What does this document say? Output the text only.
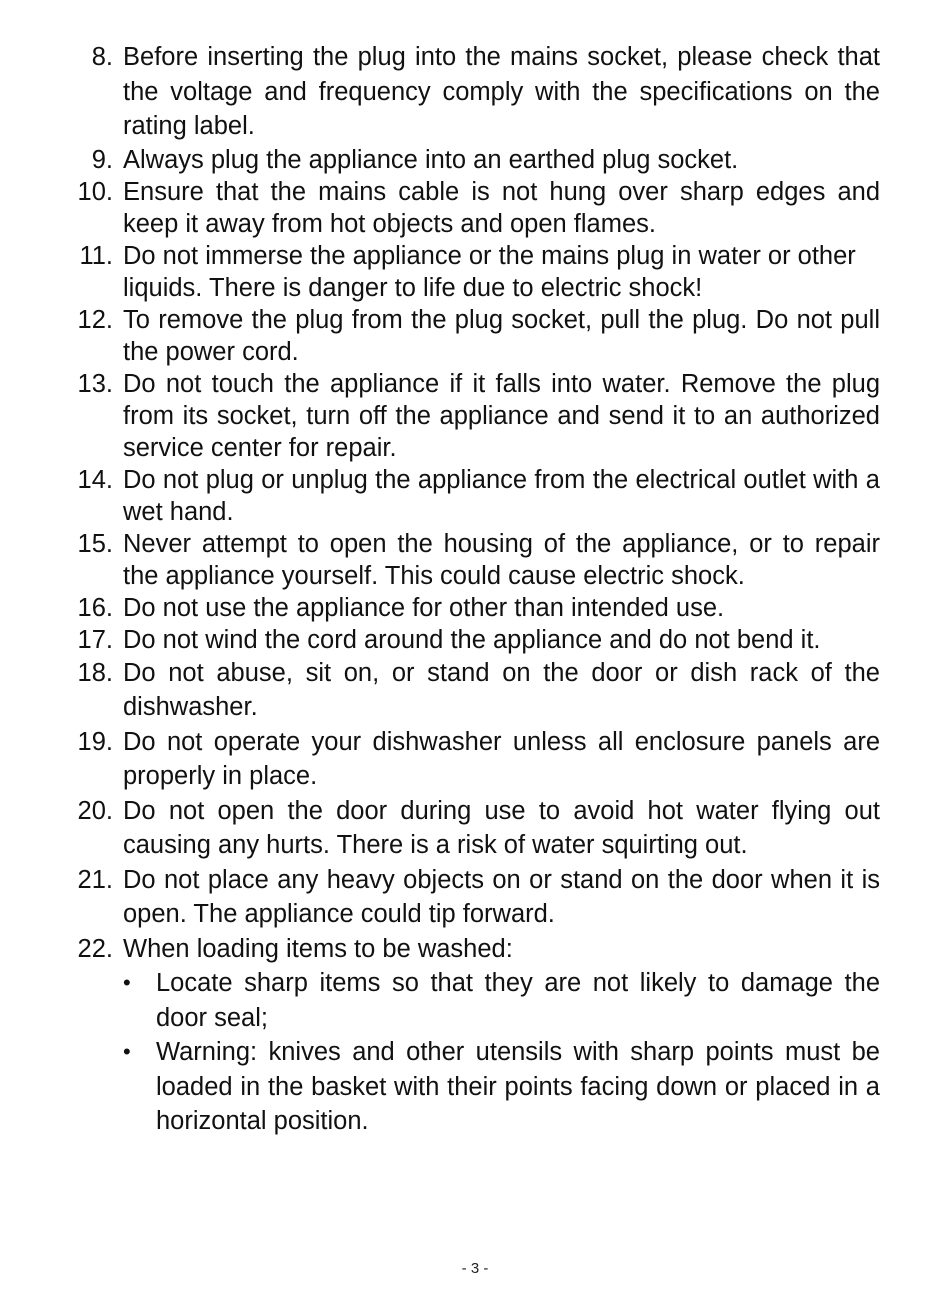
8. Before inserting the plug into the mains socket, please check that the voltage and frequency comply with the specifications on the rating label.
9. Always plug the appliance into an earthed plug socket.
10. Ensure that the mains cable is not hung over sharp edges and keep it away from hot objects and open flames.
11. Do not immerse the appliance or the mains plug in water or other liquids. There is danger to life due to electric shock!
12. To remove the plug from the plug socket, pull the plug. Do not pull the power cord.
13. Do not touch the appliance if it falls into water. Remove the plug from its socket, turn off the appliance and send it to an authorized service center for repair.
14. Do not plug or unplug the appliance from the electrical outlet with a wet hand.
15. Never attempt to open the housing of the appliance, or to repair the appliance yourself. This could cause electric shock.
16. Do not use the appliance for other than intended use.
17. Do not wind the cord around the appliance and do not bend it.
18. Do not abuse, sit on, or stand on the door or dish rack of the dishwasher.
19. Do not operate your dishwasher unless all enclosure panels are properly in place.
20. Do not open the door during use to avoid hot water flying out causing any hurts. There is a risk of water squirting out.
21. Do not place any heavy objects on or stand on the door when it is open. The appliance could tip forward.
22. When loading items to be washed:
• Locate sharp items so that they are not likely to damage the door seal;
• Warning: knives and other utensils with sharp points must be loaded in the basket with their points facing down or placed in a horizontal position.
- 3 -
